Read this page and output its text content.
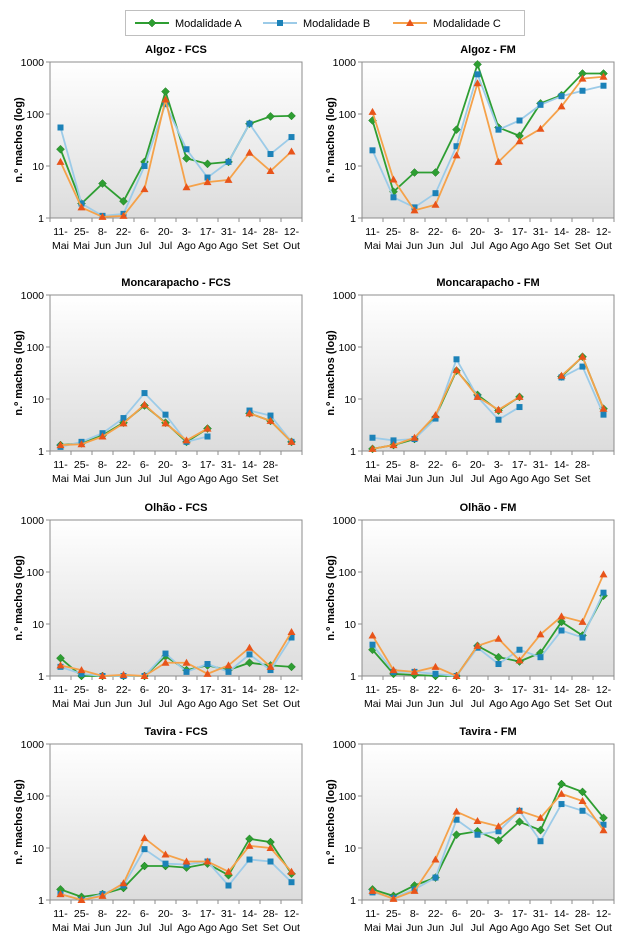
Modalidade A	Modalidade B	Modalidade C
Algoz - FCS
n.º machos (log)
1
10
100
1000
11-Mai
25-Mai
8-Jun
22-Jun
6-Jul
20-Jul
3-Ago
17-Ago
31-Ago
14-Set
28-Set
12-Out
Algoz - FM
n.º machos (log)
1
10
100
1000
11-Mai
25-Mai
8-Jun
22-Jun
6-Jul
20-Jul
3-Ago
17-Ago
31-Ago
14-Set
28-Set
12-Out
Moncarapacho - FCS
n.º machos (log)
1
10
100
1000
11-Mai
25-Mai
8-Jun
22-Jun
6-Jul
20-Jul
3-Ago
17-Ago
31-Ago
14-Set
28-Set
Moncarapacho - FM
n.º machos (log)
1
10
100
1000
11-Mai
25-Mai
8-Jun
22-Jun
6-Jul
20-Jul
3-Ago
17-Ago
31-Ago
14-Set
28-Set
Olhão - FCS
n.º machos (log)
1
10
100
1000
11-Mai
25-Mai
8-Jun
22-Jun
6-Jul
20-Jul
3-Ago
17-Ago
31-Ago
14-Set
28-Set
12-Out
Olhão - FM
n.º machos (log)
1
10
100
1000
11-Mai
25-Mai
8-Jun
22-Jun
6-Jul
20-Jul
3-Ago
17-Ago
31-Ago
14-Set
28-Set
12-Out
Tavira - FCS
n.º machos (log)
1
10
100
1000
11-Mai
25-Mai
8-Jun
22-Jun
6-Jul
20-Jul
3-Ago
17-Ago
31-Ago
14-Set
28-Set
12-Out
Tavira - FM
n.º machos (log)
1
10
100
1000
11-Mai
25-Mai
8-Jun
22-Jun
6-Jul
20-Jul
3-Ago
17-Ago
31-Ago
14-Set
28-Set
12-Out
